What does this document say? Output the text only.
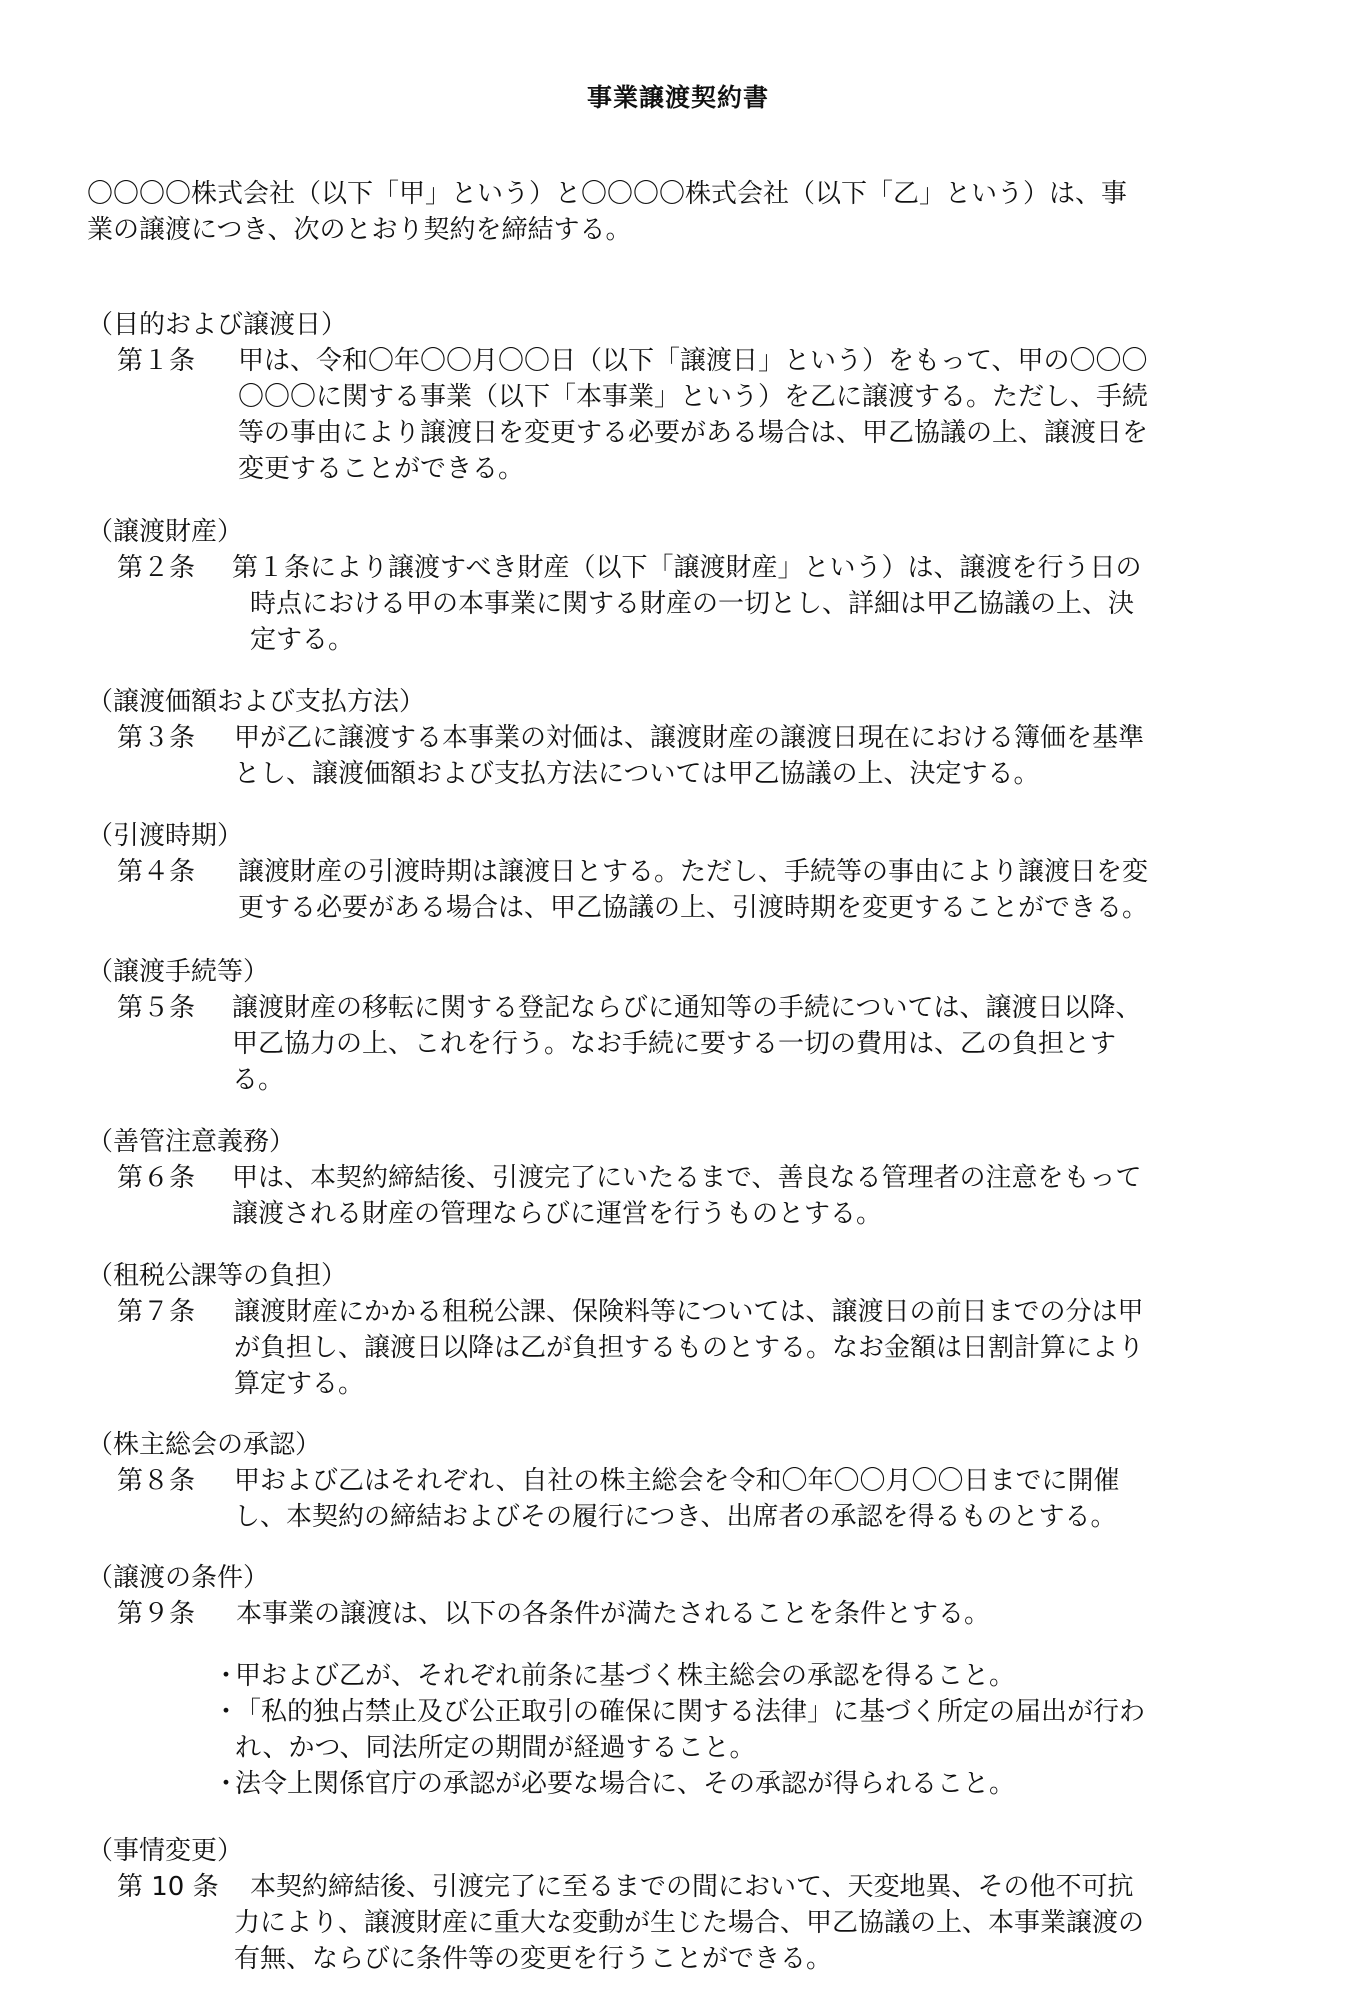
事業譲渡契約書
〇〇〇〇株式会社（以下「甲」という）と〇〇〇〇株式会社（以下「乙」という）は、事
業の譲渡につき、次のとおり契約を締結する。
（目的および譲渡日）
第１条 甲は、令和〇年〇〇月〇〇日（以下「譲渡日」という）をもって、甲の〇〇〇
〇〇〇に関する事業（以下「本事業」という）を乙に譲渡する。ただし、手続
等の事由により譲渡日を変更する必要がある場合は、甲乙協議の上、譲渡日を
変更することができる。
（譲渡財産）
第２条 第１条により譲渡すべき財産（以下「譲渡財産」という）は、譲渡を行う日の
時点における甲の本事業に関する財産の一切とし、詳細は甲乙協議の上、決
定する。
（譲渡価額および支払方法）
第３条 甲が乙に譲渡する本事業の対価は、譲渡財産の譲渡日現在における簿価を基準
とし、譲渡価額および支払方法については甲乙協議の上、決定する。
（引渡時期）
第４条 譲渡財産の引渡時期は譲渡日とする。ただし、手続等の事由により譲渡日を変
更する必要がある場合は、甲乙協議の上、引渡時期を変更することができる。
（譲渡手続等）
第５条 譲渡財産の移転に関する登記ならびに通知等の手続については、譲渡日以降、
甲乙協力の上、これを行う。なお手続に要する一切の費用は、乙の負担とす
る。
（善管注意義務）
第６条 甲は、本契約締結後、引渡完了にいたるまで、善良なる管理者の注意をもって
譲渡される財産の管理ならびに運営を行うものとする。
（租税公課等の負担）
第７条 譲渡財産にかかる租税公課、保険料等については、譲渡日の前日までの分は甲
が負担し、譲渡日以降は乙が負担するものとする。なお金額は日割計算により
算定する。
（株主総会の承認）
第８条 甲および乙はそれぞれ、自社の株主総会を令和〇年〇〇月〇〇日までに開催
し、本契約の締結およびその履行につき、出席者の承認を得るものとする。
（譲渡の条件）
第９条 本事業の譲渡は、以下の各条件が満たされることを条件とする。
・
甲および乙が、それぞれ前条に基づく株主総会の承認を得ること。
・
「私的独占禁止及び公正取引の確保に関する法律」に基づく所定の届出が行わ
れ、かつ、同法所定の期間が経過すること。
・
法令上関係官庁の承認が必要な場合に、その承認が得られること。
（事情変更）
第 10 条	本契約締結後、引渡完了に至るまでの間において、天変地異、その他不可抗
力により、譲渡財産に重大な変動が生じた場合、甲乙協議の上、本事業譲渡の
有無、ならびに条件等の変更を行うことができる。
